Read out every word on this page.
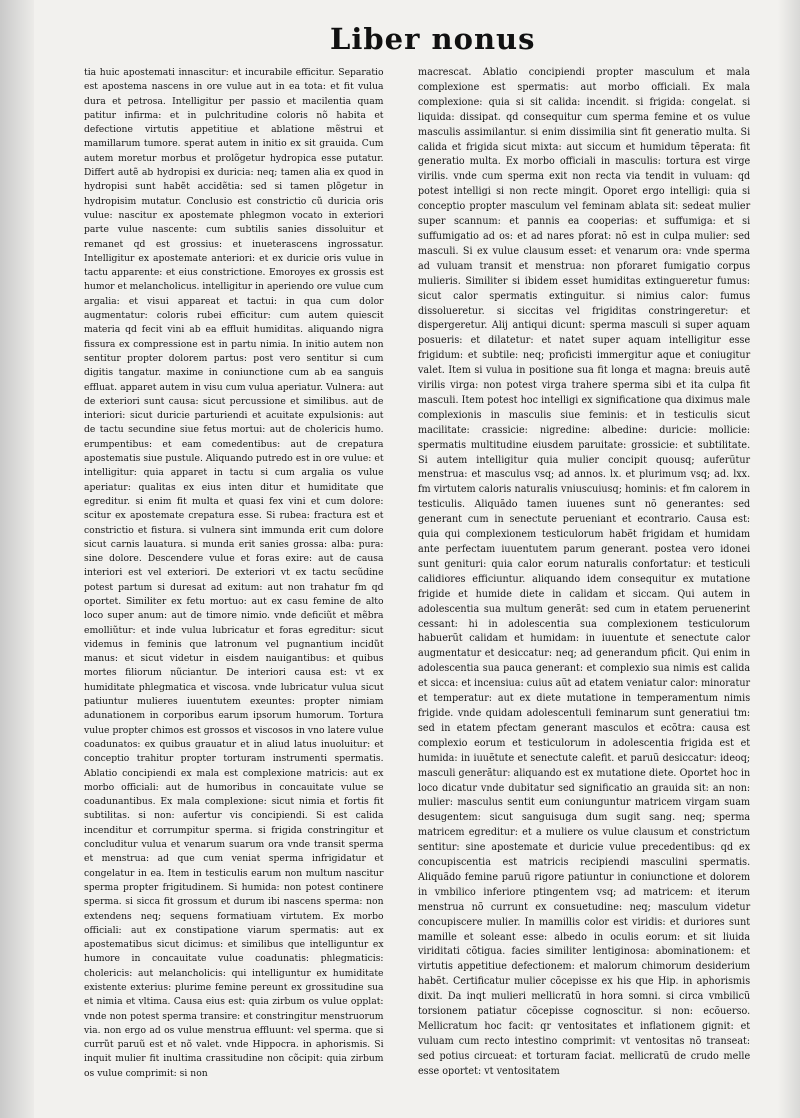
Liber nonus

tia huic apostemati innascitur: et incurabile efficitur. Separatio est apostema nascens in ore vulue aut in ea tota: et fit vulua dura et petrosa. Intelligitur per passio et macilentia quam patitur infirma: et in pulchritudine coloris nõ habita et defectione virtutis appetitiue et ablatione mẽstrui et mamillarum tumore. sperat autem in initio ex sit grauida. Cum autem moretur morbus et prolõgetur hydropica esse putatur. Differt autẽ ab hydropisi ex duricia: neq; tamen alia ex quod in hydropisi sunt habẽt accidẽtia: sed si tamen plõgetur in hydropisim mutatur. Conclusio est constrictio cũ duricia oris vulue: nascitur ex apostemate phlegmon vocato in exteriori parte vulue nascente: cum subtilis sanies dissoluitur et remanet qd est grossius: et inueterascens ingrossatur. Intelligitur ex apostemate anteriori: et ex duricie oris vulue in tactu apparente: et eius constrictione. Emoroyes ex grossis est humor et melancholicus. intelligitur in aperiendo ore vulue cum argalia: et visui appareat et tactui: in qua cum dolor augmentatur: coloris rubei efficitur: cum autem quiescit materia qd fecit vini ab ea effluit humiditas. aliquando nigra fissura ex compressione est in partu nimia. In initio autem non sentitur propter dolorem partus: post vero sentitur si cum digitis tangatur. maxime in coniunctione cum ab ea sanguis effluat. apparet autem in visu cum vulua aperiatur. Vulnera: aut de exteriori sunt causa: sicut percussione et similibus. aut de interiori: sicut duricie parturiendi et acuitate expulsionis: aut de tactu secundine siue fetus mortui: aut de cholericis humo. erumpentibus: et eam comedentibus: aut de crepatura apostematis siue pustule. Aliquando putredo est in ore vulue: et intelligitur: quia apparet in tactu si cum argalia os vulue aperiatur: qualitas ex eius inten ditur et humiditate que egreditur. si enim fit multa et quasi fex vini et cum dolore: scitur ex apostemate crepatura esse. Si rubea: fractura est et constrictio et fistura. si vulnera sint immunda erit cum dolore sicut carnis lauatura. si munda erit sanies grossa: alba: pura: sine dolore. Descendere vulue et foras exire: aut de causa interiori est vel exteriori. De exteriori vt ex tactu secũdine potest partum si duresat ad exitum: aut non trahatur fm qd oportet. Similiter ex fetu mortuo: aut ex casu femine de alto loco super anum: aut de timore nimio. vnde deficiũt et mẽbra emolliũtur: et inde vulua lubricatur et foras egreditur: sicut videmus in feminis que latronum vel pugnantium incidũt manus: et sicut videtur in eisdem nauigantibus: et quibus mortes filiorum nũciantur. De interiori causa est: vt ex humiditate phlegmatica et viscosa. vnde lubricatur vulua sicut patiuntur mulieres iuuentutem exeuntes: propter nimiam adunationem in corporibus earum ipsorum humorum. Tortura vulue propter chimos est grossos et viscosos in vno latere vulue coadunatos: ex quibus grauatur et in aliud latus inuoluitur: et conceptio trahitur propter torturam instrumenti spermatis. Ablatio concipiendi ex mala est complexione matricis: aut ex morbo officiali: aut de humoribus in concauitate vulue se coadunantibus. Ex mala complexione: sicut nimia et fortis fit subtilitas. si non: aufertur vis concipiendi. Si est calida incenditur et corrumpitur sperma. si frigida constringitur et concluditur vulua et venarum suarum ora vnde transit sperma et menstrua: ad que cum veniat sperma infrigidatur et congelatur in ea. Item in testiculis earum non multum nascitur sperma propter frigitudinem. Si humida: non potest continere sperma. si sicca fit grossum et durum ibi nascens sperma: non extendens neq; sequens formatiuam virtutem. Ex morbo officiali: aut ex constipatione viarum spermatis: aut ex apostematibus sicut dicimus: et similibus que intelliguntur ex humore in concauitate vulue coadunatis: phlegmaticis: cholericis: aut melancholicis: qui intelliguntur ex humiditate existente exterius: plurime femine pereunt ex grossitudine sua et nimia et vltima. Causa eius est: quia zirbum os vulue opplat: vnde non potest sperma transire: et constringitur menstruorum via. non ergo ad os vulue menstrua effluunt: vel sperma. que si currũt paruũ est et nõ valet. vnde Hippocra. in aphorismis. Si inquit mulier fit inultima crassitudine non cõcipit: quia zirbum os vulue comprimit: si non

macrescat. Ablatio concipiendi propter masculum et mala complexione est spermatis: aut morbo officiali. Ex mala complexione: quia si sit calida: incendit. si frigida: congelat. si liquida: dissipat. qd consequitur cum sperma femine et os vulue masculis assimilantur. si enim dissimilia sint fit generatio multa. Si calida et frigida sicut mixta: aut siccum et humidum tẽperata: fit generatio multa. Ex morbo officiali in masculis: tortura est virge virilis. vnde cum sperma exit non recta via tendit in vuluam: qd potest intelligi si non recte mingit. Oporet ergo intelligi: quia si conceptio propter masculum vel feminam ablata sit: sedeat mulier super scannum: et pannis ea cooperias: et suffumiga: et si suffumigatio ad os: et ad nares pforat: nõ est in culpa mulier: sed masculi. Si ex vulue clausum esset: et venarum ora: vnde sperma ad vuluam transit et menstrua: non pforaret fumigatio corpus mulieris. Similiter si ibidem esset humiditas extingueretur fumus: sicut calor spermatis extinguitur. si nimius calor: fumus dissolueretur. si siccitas vel frigiditas constringeretur: et dispergeretur. Alij antiqui dicunt: sperma masculi si super aquam posueris: et dilatetur: et natet super aquam intelligitur esse frigidum: et subtile: neq; proficisti immergitur aque et coniugitur valet. Item si vulua in positione sua fit longa et magna: breuis autẽ virilis virga: non potest virga trahere sperma sibi et ita culpa fit masculi. Item potest hoc intelligi ex significatione qua diximus male complexionis in masculis siue feminis: et in testiculis sicut macilitate: crassicie: nigredine: albedine: duricie: mollicie: spermatis multitudine eiusdem paruitate: grossicie: et subtilitate. Si autem intelligitur quia mulier concipit quousq; auferũtur menstrua: et masculus vsq; ad annos. lx. et plurimum vsq; ad. lxx. fm virtutem caloris naturalis vniuscuiusq; hominis: et fm calorem in testiculis. Aliquãdo tamen iuuenes sunt nõ generantes: sed generant cum in senectute perueniant et econtrario. Causa est: quia qui complexionem testiculorum habẽt frigidam et humidam ante perfectam iuuentutem parum generant. postea vero idonei sunt genituri: quia calor eorum naturalis confortatur: et testiculi calidiores efficiuntur. aliquando idem consequitur ex mutatione frigide et humide diete in calidam et siccam. Qui autem in adolescentia sua multum generãt: sed cum in etatem peruenerint cessant: hi in adolescentia sua complexionem testiculorum habuerũt calidam et humidam: in iuuentute et senectute calor augmentatur et desiccatur: neq; ad generandum pficit. Qui enim in adolescentia sua pauca generant: et complexio sua nimis est calida et sicca: et incensiua: cuius aũt ad etatem veniatur calor: minoratur et temperatur: aut ex diete mutatione in temperamentum nimis frigide. vnde quidam adolescentuli feminarum sunt generatiui tm: sed in etatem pfectam generant masculos et ecõtra: causa est complexio eorum et testiculorum in adolescentia frigida est et humida: in iuuẽtute et senectute calefit. et paruũ desiccatur: ideoq; masculi generãtur: aliquando est ex mutatione diete. Oportet hoc in loco dicatur vnde dubitatur sed significatio an grauida sit: an non: mulier: masculus sentit eum coniunguntur matricem virgam suam desugentem: sicut sanguisuga dum sugit sang. neq; sperma matricem egreditur: et a muliere os vulue clausum et constrictum sentitur: sine apostemate et duricie vulue precedentibus: qd ex concupiscentia est matricis recipiendi masculini spermatis. Aliquãdo femine paruũ rigore patiuntur in coniunctione et dolorem in vmbilico inferiore ptingentem vsq; ad matricem: et iterum menstrua nõ currunt ex consuetudine: neq; masculum videtur concupiscere mulier. In mamillis color est viridis: et duriores sunt mamille et soleant esse: albedo in oculis eorum: et sit liuida viriditati cõtigua. facies similiter lentiginosa: abominationem: et virtutis appetitiue defectionem: et malorum chimorum desiderium habẽt. Certificatur mulier cõcepisse ex his que Hip. in aphorismis dixit. Da inqt mulieri mellicratũ in hora somni. si circa vmbilicũ torsionem patiatur cõcepisse cognoscitur. si non: ecõuerso. Mellicratum hoc facit: qr ventositates et inflationem gignit: et vuluam cum recto intestino comprimit: vt ventositas nõ transeat: sed potius circueat: et torturam faciat. mellicratũ de crudo melle esse oportet: vt ventositatem
